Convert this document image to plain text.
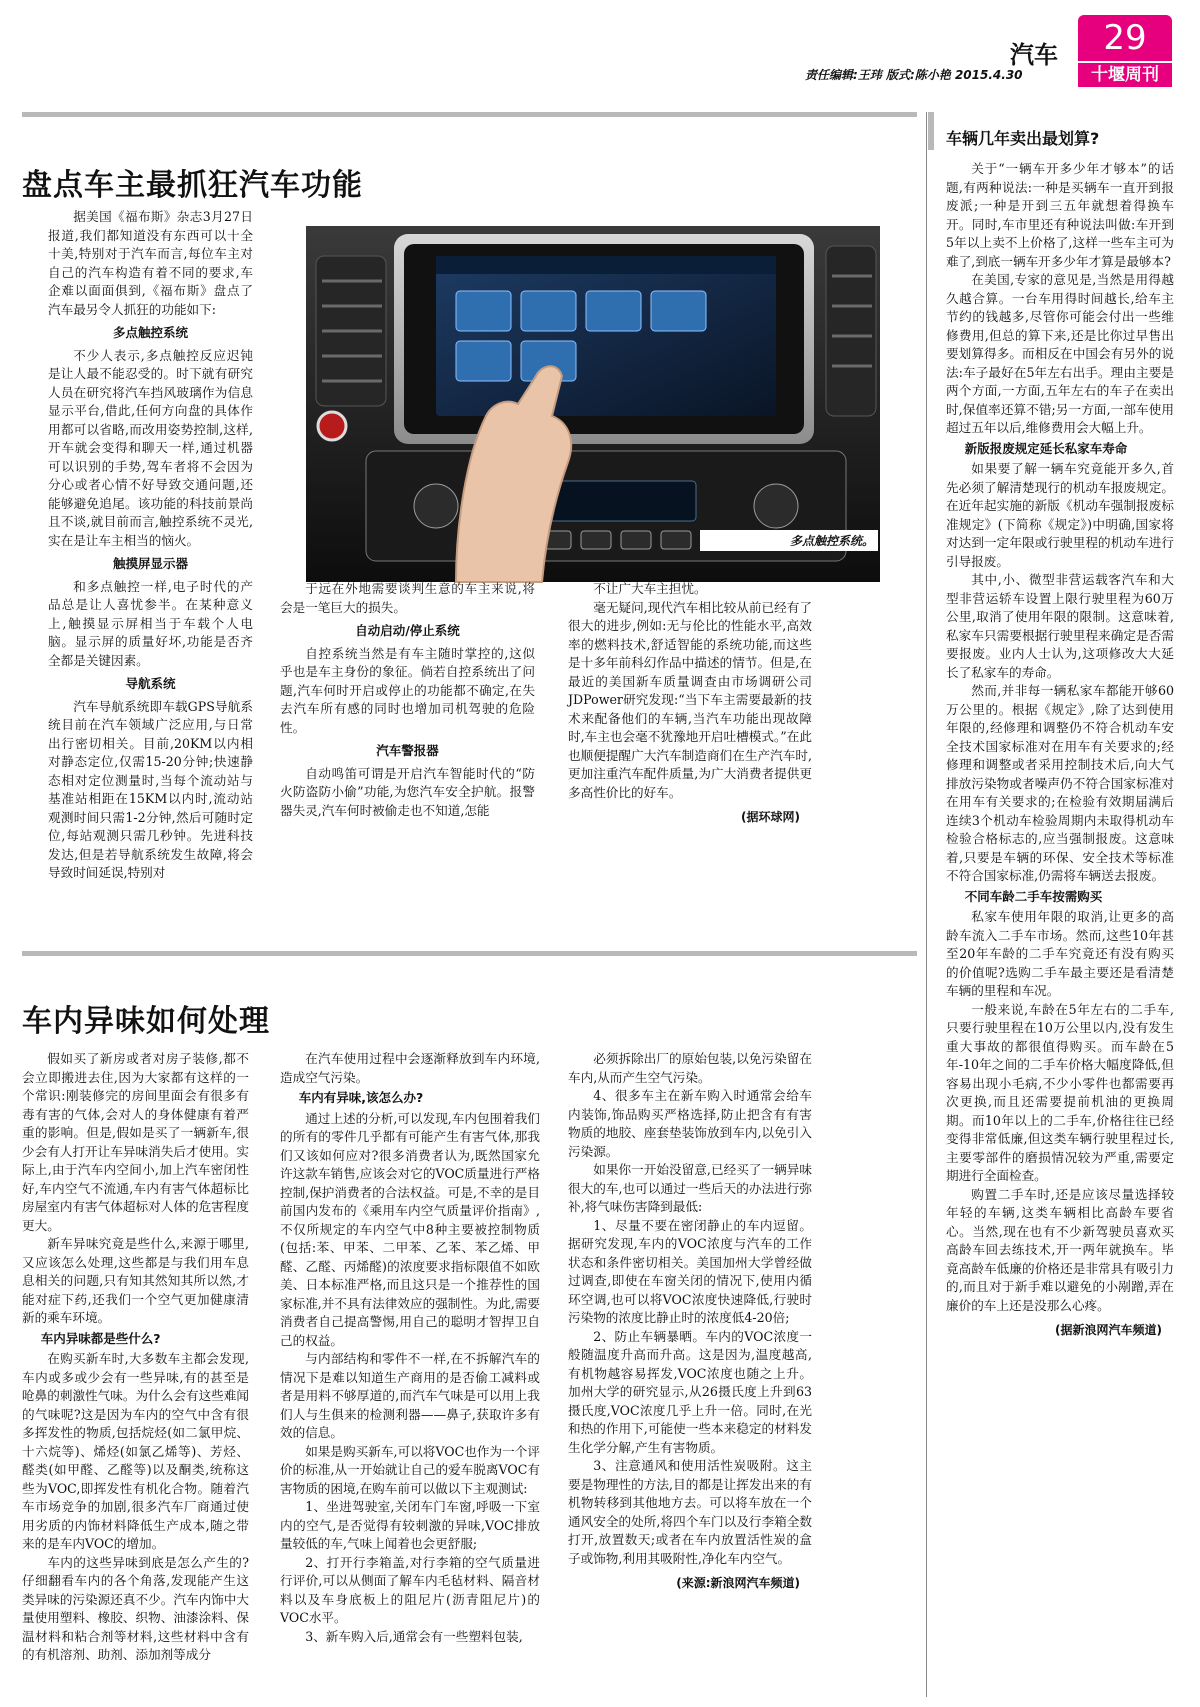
汽车	29
十堰周刊
责任编辑:王玮 版式:陈小艳 2015.4.30
盘点车主最抓狂汽车功能
多点触控系统。

据美国《福布斯》杂志3月27日报道,我们都知道没有东西可以十全十美,特别对于汽车而言,每位车主对自己的汽车构造有着不同的要求,车企难以面面俱到,《福布斯》盘点了汽车最另令人抓狂的功能如下:

多点触控系统

不少人表示,多点触控反应迟钝是让人最不能忍受的。时下就有研究人员在研究将汽车挡风玻璃作为信息显示平台,借此,任何方向盘的具体作用都可以省略,而改用姿势控制,这样,开车就会变得和聊天一样,通过机器可以识别的手势,驾车者将不会因为分心或者心情不好导致交通问题,还能够避免追尾。该功能的科技前景尚且不谈,就目前而言,触控系统不灵光,实在是让车主相当的恼火。

触摸屏显示器

和多点触控一样,电子时代的产品总是让人喜忧参半。在某种意义上,触摸显示屏相当于车载个人电脑。显示屏的质量好坏,功能是否齐全都是关键因素。

导航系统

汽车导航系统即车载GPS导航系统目前在汽车领域广泛应用,与日常出行密切相关。目前,20KM以内相对静态定位,仅需15-20分钟;快速静态相对定位测量时,当每个流动站与基准站相距在15KM以内时,流动站观测时间只需1-2分钟,然后可随时定位,每站观测只需几秒钟。先进科技发达,但是若导航系统发生故障,将会导致时间延误,特别对

于远在外地需要谈判生意的车主来说,将会是一笔巨大的损失。

自动启动/停止系统

自控系统当然是有车主随时掌控的,这似乎也是车主身份的象征。倘若自控系统出了问题,汽车何时开启或停止的功能都不确定,在失去汽车所有感的同时也增加司机驾驶的危险性。

汽车警报器

自动鸣笛可谓是开启汽车智能时代的“防火防盗防小偷”功能,为您汽车安全护航。报警器失灵,汽车何时被偷走也不知道,怎能

不让广大车主担忧。

毫无疑问,现代汽车相比较从前已经有了很大的进步,例如:无与伦比的性能水平,高效率的燃料技术,舒适智能的系统功能,而这些是十多年前科幻作品中描述的情节。但是,在最近的美国新车质量调查由市场调研公司JDPower研究发现:“当下车主需要最新的技术来配备他们的车辆,当汽车功能出现故障时,车主也会毫不犹豫地开启吐槽模式。”在此也顺便提醒广大汽车制造商们在生产汽车时,更加注重汽车配件质量,为广大消费者提供更多高性价比的好车。

(据环球网)

车内异味如何处理

假如买了新房或者对房子装修,都不会立即搬进去住,因为大家都有这样的一个常识:刚装修完的房间里面会有很多有毒有害的气体,会对人的身体健康有着严重的影响。但是,假如是买了一辆新车,很少会有人打开让车异味消失后才使用。实际上,由于汽车内空间小,加上汽车密闭性好,车内空气不流通,车内有害气体超标比房屋室内有害气体超标对人体的危害程度更大。

新车异味究竟是些什么,来源于哪里,又应该怎么处理,这些都是与我们用车息息相关的问题,只有知其然知其所以然,才能对症下药,还我们一个空气更加健康清新的乘车环境。

车内异味都是些什么?

在购买新车时,大多数车主都会发现,车内或多或少会有一些异味,有的甚至是呛鼻的刺激性气味。为什么会有这些难闻的气味呢?这是因为车内的空气中含有很多挥发性的物质,包括烷烃(如二氯甲烷、十六烷等)、烯烃(如氯乙烯等)、芳烃、醛类(如甲醛、乙醛等)以及酮类,统称这些为VOC,即挥发性有机化合物。随着汽车市场竞争的加剧,很多汽车厂商通过使用劣质的内饰材料降低生产成本,随之带来的是车内VOC的增加。

车内的这些异味到底是怎么产生的?仔细翻看车内的各个角落,发现能产生这类异味的污染源还真不少。汽车内饰中大量使用塑料、橡胶、织物、油漆涂料、保温材料和粘合剂等材料,这些材料中含有的有机溶剂、助剂、添加剂等成分

在汽车使用过程中会逐渐释放到车内环境,造成空气污染。

车内有异味,该怎么办?

通过上述的分析,可以发现,车内包围着我们的所有的零件几乎都有可能产生有害气体,那我们又该如何应对?很多消费者认为,既然国家允许这款车销售,应该会对它的VOC质量进行严格控制,保护消费者的合法权益。可是,不幸的是目前国内发布的《乘用车内空气质量评价指南》,不仅所规定的车内空气中8种主要被控制物质(包括:苯、甲苯、二甲苯、乙苯、苯乙烯、甲醛、乙醛、丙烯醛)的浓度要求指标限值不如欧美、日本标准严格,而且这只是一个推荐性的国家标准,并不具有法律效应的强制性。为此,需要消费者自己提高警惕,用自己的聪明才智捍卫自己的权益。

与内部结构和零件不一样,在不拆解汽车的情况下是难以知道生产商用的是否偷工减料或者是用料不够厚道的,而汽车气味是可以用上我们人与生俱来的检测利器——鼻子,获取许多有效的信息。

如果是购买新车,可以将VOC也作为一个评价的标准,从一开始就让自己的爱车脱离VOC有害物质的困境,在购车前可以做以下主观测试:

1、坐进驾驶室,关闭车门车窗,呼吸一下室内的空气,是否觉得有较刺激的异味,VOC排放量较低的车,气味上闻着也会更舒服;

2、打开行李箱盖,对行李箱的空气质量进行评价,可以从侧面了解车内毛毡材料、隔音材料以及车身底板上的阻尼片(沥青阻尼片)的VOC水平。

3、新车购入后,通常会有一些塑料包装,

必须拆除出厂的原始包装,以免污染留在车内,从而产生空气污染。

4、很多车主在新车购入时通常会给车内装饰,饰品购买严格选择,防止把含有有害物质的地胶、座套垫装饰放到车内,以免引入污染源。

如果你一开始没留意,已经买了一辆异味很大的车,也可以通过一些后天的办法进行弥补,将气味伤害降到最低:

1、尽量不要在密闭静止的车内逗留。据研究发现,车内的VOC浓度与汽车的工作状态和条件密切相关。美国加州大学曾经做过调查,即使在车窗关闭的情况下,使用内循环空调,也可以将VOC浓度快速降低,行驶时污染物的浓度比静止时的浓度低4-20倍;

2、防止车辆暴晒。车内的VOC浓度一般随温度升高而升高。这是因为,温度越高,有机物越容易挥发,VOC浓度也随之上升。加州大学的研究显示,从26摄氏度上升到63摄氏度,VOC浓度几乎上升一倍。同时,在光和热的作用下,可能使一些本来稳定的材料发生化学分解,产生有害物质。

3、注意通风和使用活性炭吸附。这主要是物理性的方法,目的都是让挥发出来的有机物转移到其他地方去。可以将车放在一个通风安全的处所,将四个车门以及行李箱全数打开,放置数天;或者在车内放置活性炭的盒子或饰物,利用其吸附性,净化车内空气。

(来源:新浪网汽车频道)

车辆几年卖出最划算?

关于“一辆车开多少年才够本”的话题,有两种说法:一种是买辆车一直开到报废派;一种是开到三五年就想着得换车开。同时,车市里还有种说法叫做:车开到5年以上卖不上价格了,这样一些车主可为难了,到底一辆车开多少年才算是最够本?

在美国,专家的意见是,当然是用得越久越合算。一台车用得时间越长,给车主节约的钱越多,尽管你可能会付出一些维修费用,但总的算下来,还是比你过早售出要划算得多。而相反在中国会有另外的说法:车子最好在5年左右出手。理由主要是两个方面,一方面,五年左右的车子在卖出时,保值率还算不错;另一方面,一部车使用超过五年以后,维修费用会大幅上升。

新版报废规定延长私家车寿命

如果要了解一辆车究竟能开多久,首先必须了解清楚现行的机动车报废规定。在近年起实施的新版《机动车强制报废标准规定》(下简称《规定》)中明确,国家将对达到一定年限或行驶里程的机动车进行引导报废。

其中,小、微型非营运载客汽车和大型非营运轿车设置上限行驶里程为60万公里,取消了使用年限的限制。这意味着,私家车只需要根据行驶里程来确定是否需要报废。业内人士认为,这项修改大大延长了私家车的寿命。

然而,并非每一辆私家车都能开够60万公里的。根据《规定》,除了达到使用年限的,经修理和调整仍不符合机动车安全技术国家标准对在用车有关要求的;经修理和调整或者采用控制技术后,向大气排放污染物或者噪声仍不符合国家标准对在用车有关要求的;在检验有效期届满后连续3个机动车检验周期内未取得机动车检验合格标志的,应当强制报废。这意味着,只要是车辆的环保、安全技术等标准不符合国家标准,仍需将车辆送去报废。

不同车龄二手车按需购买

私家车使用年限的取消,让更多的高龄车流入二手车市场。然而,这些10年甚至20年车龄的二手车究竟还有没有购买的价值呢?选购二手车最主要还是看清楚车辆的里程和车况。

一般来说,车龄在5年左右的二手车,只要行驶里程在10万公里以内,没有发生重大事故的都很值得购买。而车龄在5年-10年之间的二手车价格大幅度降低,但容易出现小毛病,不少小零件也都需要再次更换,而且还需要提前机油的更换周期。而10年以上的二手车,价格往往已经变得非常低廉,但这类车辆行驶里程过长,主要零部件的磨损情况较为严重,需要定期进行全面检查。

购置二手车时,还是应该尽量选择较年轻的车辆,这类车辆相比高龄车要省心。当然,现在也有不少新驾驶员喜欢买高龄车回去练技术,开一两年就换车。毕竟高龄车低廉的价格还是非常具有吸引力的,而且对于新手难以避免的小剐蹭,弄在廉价的车上还是没那么心疼。

(据新浪网汽车频道)
